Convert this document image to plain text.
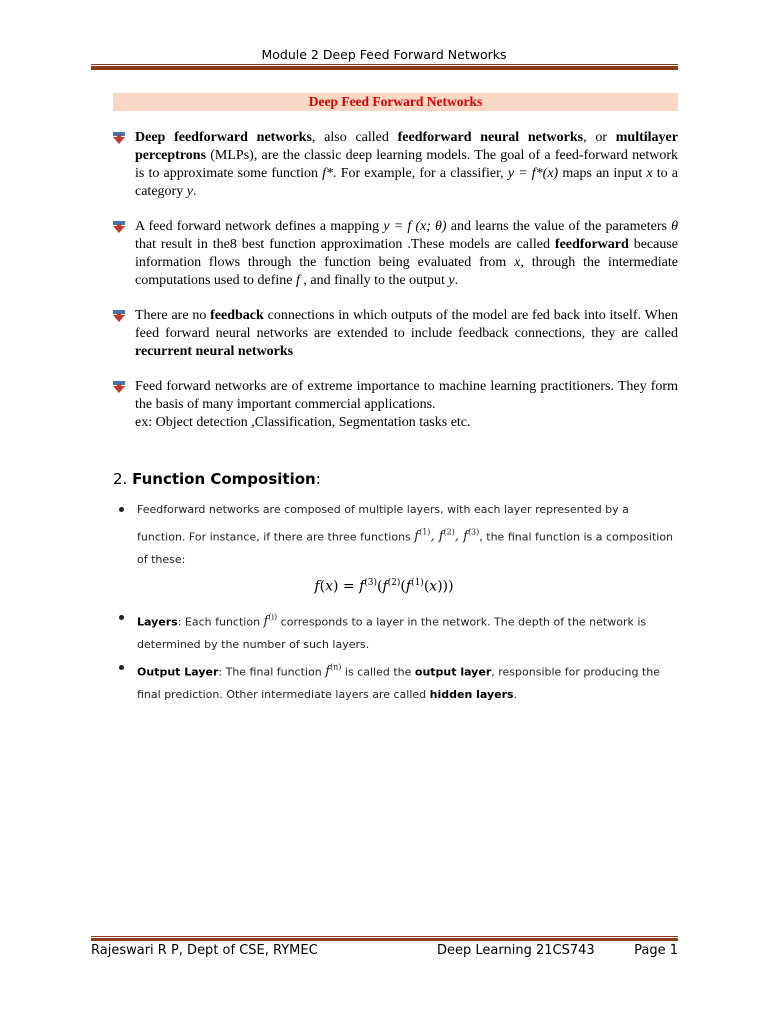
Module 2 Deep Feed Forward Networks
Deep Feed Forward Networks

Deep feedforward networks, also called feedforward neural networks, or multilayer perceptrons (MLPs), are the classic deep learning models. The goal of a feed-forward network is to approximate some function f*. For example, for a classifier, y = f*(x) maps an input x to a category y.

A feed forward network defines a mapping y = f (x; θ) and learns the value of the parameters θ that result in the8 best function approximation .These models are called feedforward because information flows through the function being evaluated from x, through the intermediate computations used to define f , and finally to the output y.

There are no feedback connections in which outputs of the model are fed back into itself. When feed forward neural networks are extended to include feedback connections, they are called recurrent neural networks

Feed forward networks are of extreme importance to machine learning practitioners. They form the basis of many important commercial applications.

ex: Object detection ,Classification, Segmentation tasks etc.

2. Function Composition:
Feedforward networks are composed of multiple layers, with each layer represented by a function. For instance, if there are three functions $f^{(1)}$, $f^{(2)}$, $f^{(3)}$, the final function is a composition of these:
$f(x) = f^{(3)}(f^{(2)}(f^{(1)}(x)))$
Layers: Each function $f^{(i)}$ corresponds to a layer in the network. The depth of the network is determined by the number of such layers.
Output Layer: The final function $f^{(n)}$ is called the output layer, responsible for producing the final prediction. Other intermediate layers are called hidden layers.
Rajeswari R P, Dept of CSE, RYMEC	Deep Learning 21CS743	Page 1
